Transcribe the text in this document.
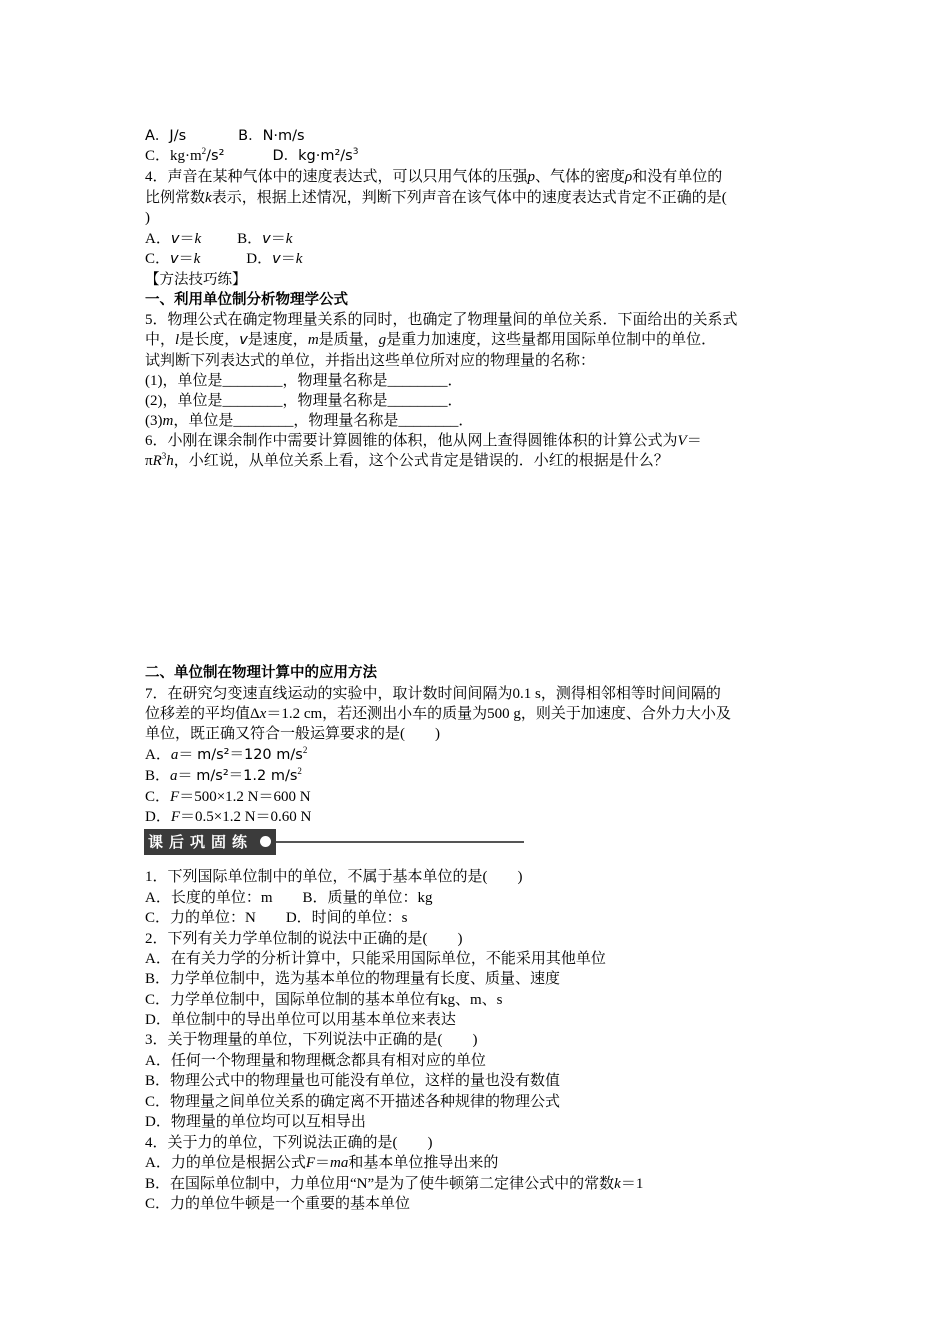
A．J/s	B．N·m/s
C．$kg\cdot m^2/s^2$	D．$kg\cdot m^2/s^3$
4．声音在某种气体中的速度表达式，可以只用气体的压强p、气体的密度ρ和没有单位的
比例常数k表示，根据上述情况，判断下列声音在该气体中的速度表达式肯定不正确的是(
)
A．v＝k B．v＝k
C．v＝k	D．v＝k
【方法技巧练】
一、利用单位制分析物理学公式
5．物理公式在确定物理量关系的同时，也确定了物理量间的单位关系．下面给出的关系式
中，l是长度，v是速度，m是质量，g是重力加速度，这些量都用国际单位制中的单位．
试判断下列表达式的单位，并指出这些单位所对应的物理量的名称：
(1)，单位是________，物理量名称是________．
(2)，单位是________，物理量名称是________．
(3)m，单位是________，物理量名称是________．
6．小刚在课余制作中需要计算圆锥的体积，他从网上查得圆锥体积的计算公式为V＝
$\pi R^3h$，小红说，从单位关系上看，这个公式肯定是错误的．小红的根据是什么？
二、单位制在物理计算中的应用方法
7．在研究匀变速直线运动的实验中，取计数时间间隔为0.1 s，测得相邻相等时间间隔的
位移差的平均值Δx＝1.2 cm，若还测出小车的质量为500 g，则关于加速度、合外力大小及
单位，既正确又符合一般运算要求的是(　　)
A．a＝ m/s²＝120 $m/s^2$
B．a＝ m/s²＝1.2 $m/s^2$
C．F＝500×1.2 N＝600 N
D．F＝0.5×1.2 N＝0.60 N
课后巩固练
1．下列国际单位制中的单位，不属于基本单位的是(　　)
A．长度的单位：m B．质量的单位：kg
C．力的单位：N D．时间的单位：s
2．下列有关力学单位制的说法中正确的是(　　)
A．在有关力学的分析计算中，只能采用国际单位，不能采用其他单位
B．力学单位制中，选为基本单位的物理量有长度、质量、速度
C．力学单位制中，国际单位制的基本单位有kg、m、s
D．单位制中的导出单位可以用基本单位来表达
3．关于物理量的单位，下列说法中正确的是(　　)
A．任何一个物理量和物理概念都具有相对应的单位
B．物理公式中的物理量也可能没有单位，这样的量也没有数值
C．物理量之间单位关系的确定离不开描述各种规律的物理公式
D．物理量的单位均可以互相导出
4．关于力的单位，下列说法正确的是(　　)
A．力的单位是根据公式F＝ma和基本单位推导出来的
B．在国际单位制中，力单位用“N”是为了使牛顿第二定律公式中的常数k＝1
C．力的单位牛顿是一个重要的基本单位
